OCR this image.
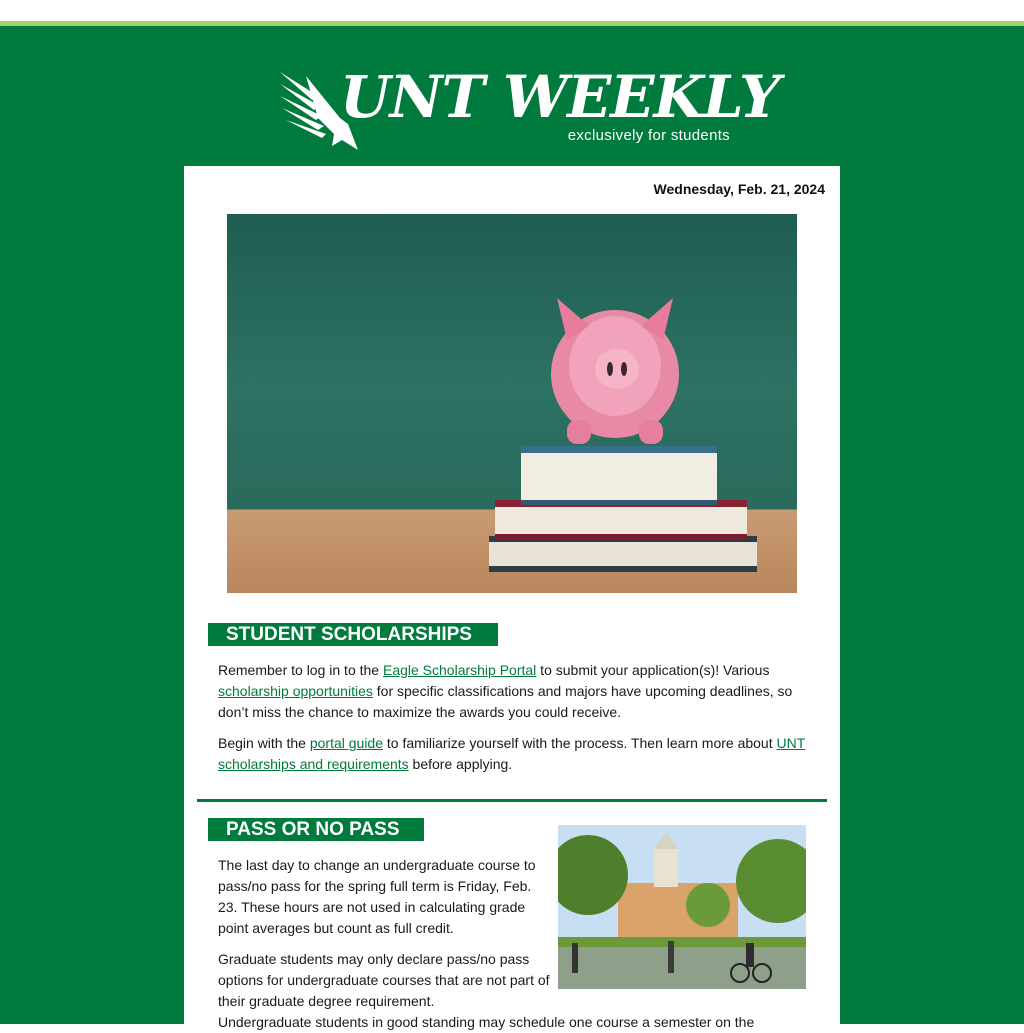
UNT WEEKLY
exclusively for students
Wednesday, Feb. 21, 2024
STUDENT SCHOLARSHIPS
Remember to log in to the Eagle Scholarship Portal to submit your application(s)! Various scholarship opportunities for specific classifications and majors have upcoming deadlines, so don’t miss the chance to maximize the awards you could receive.
Begin with the portal guide to familiarize yourself with the process. Then learn more about UNT scholarships and requirements before applying.
PASS OR NO PASS
The last day to change an undergraduate course to pass/no pass for the spring full term is Friday, Feb. 23. These hours are not used in calculating grade point averages but count as full credit.
Graduate students may only declare pass/no pass options for undergraduate courses that are not part of their graduate degree requirement.
Undergraduate students in good standing may schedule one course a semester on the
